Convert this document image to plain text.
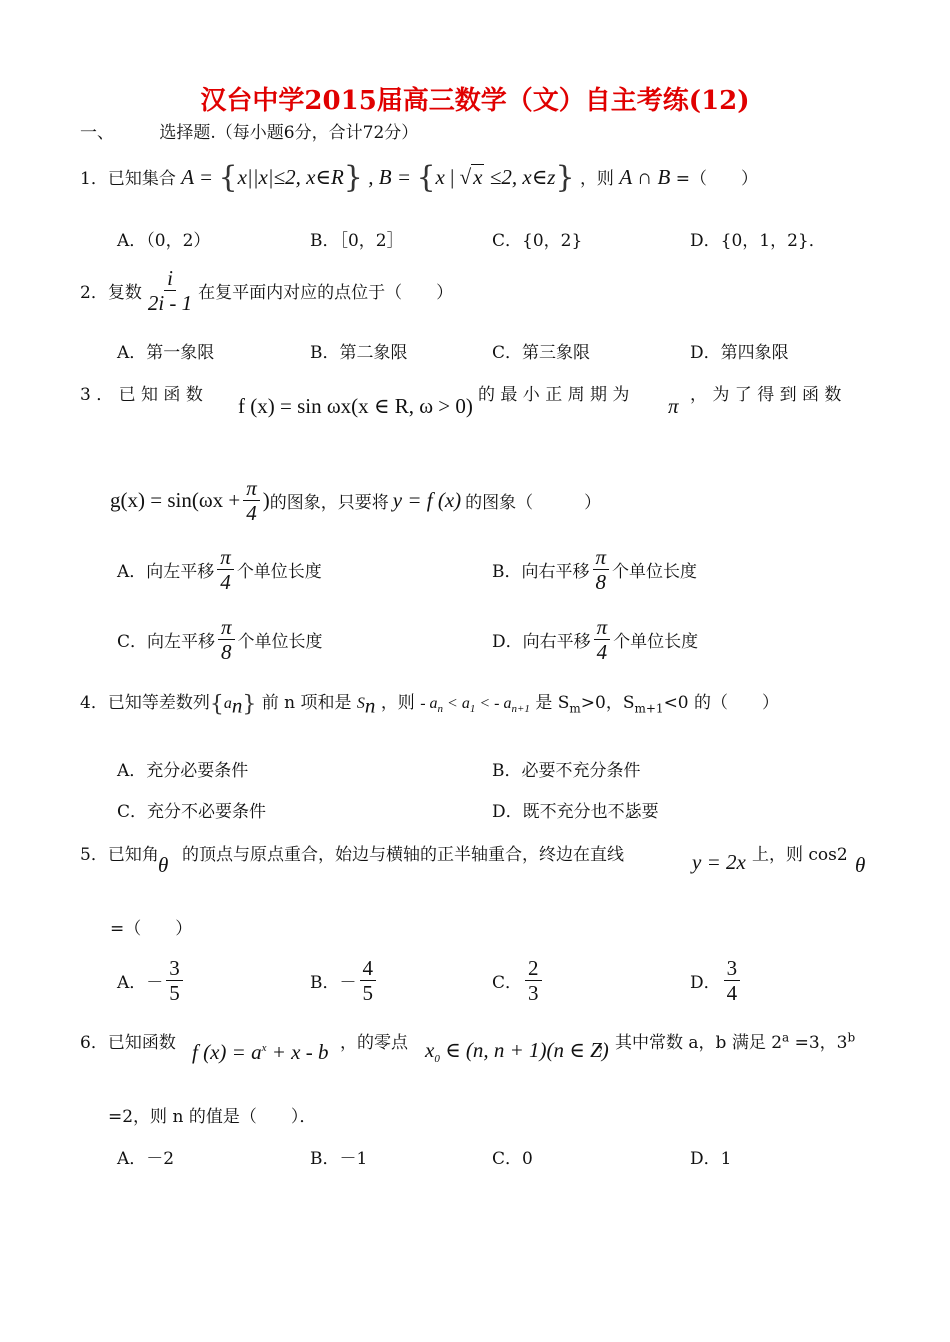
汉台中学2015届高三数学（文）自主考练(12)
一、	选择题.（每小题6分，合计72分）
1．已知集合 A = {x||x|≤2, x∈R} , B = {x | √x ≤2, x∈z} ，则 A ∩ B =（　　）
A．（0，2）	B．［0，2］	C．{0，2}	D．{0，1，2}．
2．复数 $\frac{i}{2i - 1}$ 在复平面内对应的点位于（　　）
A．第一象限	B．第二象限	C．第三象限	D．第四象限
3 ． 已 知 函 数 f (x) = sin ωx(x ∈ R, ω > 0) 的 最 小 正 周 期 为 π ， 为 了 得 到 函 数
$g(x) = \sin(\omega x + \frac{\pi}{4}$ ) 的图象，只要将 y = f (x) 的图象（　　　）
A．向左平移 $\frac{\pi}{4}$ 个单位长度	B．向右平移 $\frac{\pi}{8}$ 个单位长度
C．向左平移 $\frac{\pi}{8}$ 个单位长度	D．向右平移 $\frac{\pi}{4}$ 个单位长度
4．已知等差数列$\{a_n\}$ 前 n 项和是 $S_n$ ，则 - $a_n < a_1$ < - $a_{n+1}$ 是 $S_m>0$，$S_{m+1}<0$ 的（　　）
A．充分必要条件	B．必要不充分条件
C．充分不必要条件	D．既不充分也不毖要
5．已知角 θ 的顶点与原点重合，始边与横轴的正半轴重合，终边在直线	y = 2x 上，则 cos2 θ
=（　　）
A．－ $\frac{3}{5}$	B．－ $\frac{4}{5}$	C． $\frac{2}{3}$	D． $\frac{3}{4}$
6．已知函数 f $(x) = a^x + x - b$ ，的零点 $x_0$ ∈ (n, n + 1)(n ∈ Z)
，其中常数 a，b 满足 $2^a =3$，$3^b$
=2，则 n 的值是（　　）．
A．－2	B．－1	C．0	D．1
